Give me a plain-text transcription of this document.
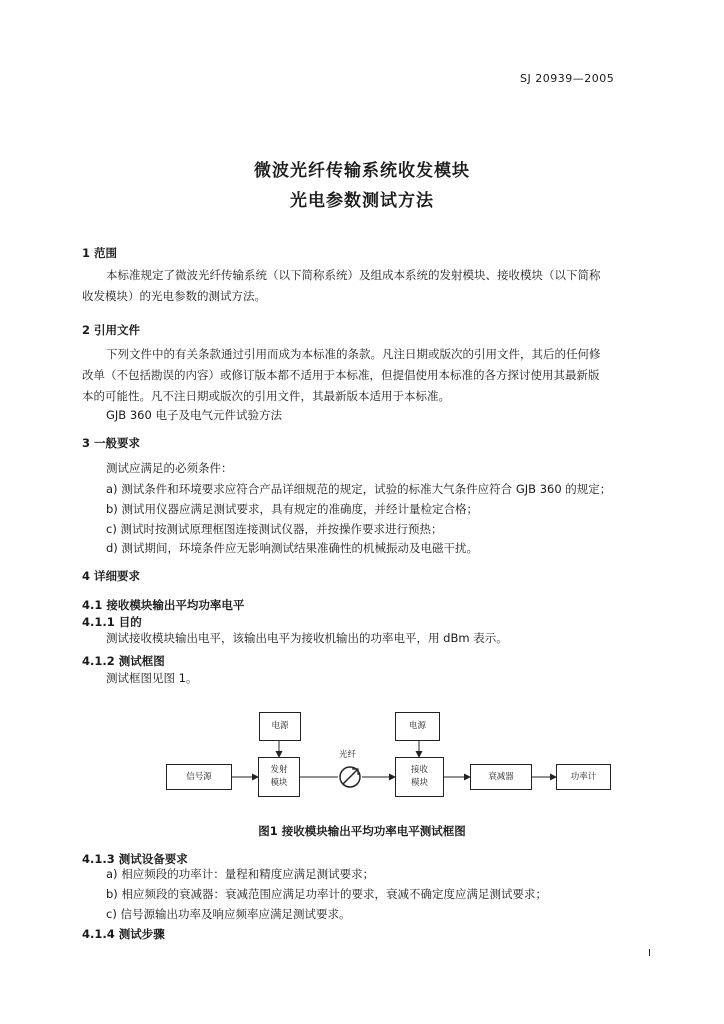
SJ 20939—2005
微波光纤传输系统收发模块
光电参数测试方法
1 范围
本标准规定了微波光纤传输系统（以下简称系统）及组成本系统的发射模块、接收模块（以下简称
收发模块）的光电参数的测试方法。
2 引用文件
下列文件中的有关条款通过引用而成为本标准的条款。凡注日期或版次的引用文件，其后的任何修
改单（不包括勘误的内容）或修订版本都不适用于本标准，但提倡使用本标准的各方探讨使用其最新版
本的可能性。凡不注日期或版次的引用文件，其最新版本适用于本标准。
GJB 360 电子及电气元件试验方法
3 一般要求
测试应满足的必须条件：
a) 测试条件和环境要求应符合产品详细规范的规定，试验的标准大气条件应符合 GJB 360 的规定；
b) 测试用仪器应满足测试要求，具有规定的准确度，并经计量检定合格；
c) 测试时按测试原理框图连接测试仪器，并按操作要求进行预热；
d) 测试期间，环境条件应无影响测试结果准确性的机械振动及电磁干扰。
4 详细要求
4.1 接收模块输出平均功率电平
4.1.1 目的
测试接收模块输出电平，该输出电平为接收机输出的功率电平，用 dBm 表示。
4.1.2 测试框图
测试框图见图 1。
电源	电源
信号源
发射
模块
光纤
接收
模块
衰减器	功率计
图1 接收模块输出平均功率电平测试框图
4.1.3 测试设备要求
a) 相应频段的功率计：量程和精度应满足测试要求；
b) 相应频段的衰减器：衰减范围应满足功率计的要求，衰减不确定度应满足测试要求；
c) 信号源输出功率及响应频率应满足测试要求。
4.1.4 测试步骤
I
